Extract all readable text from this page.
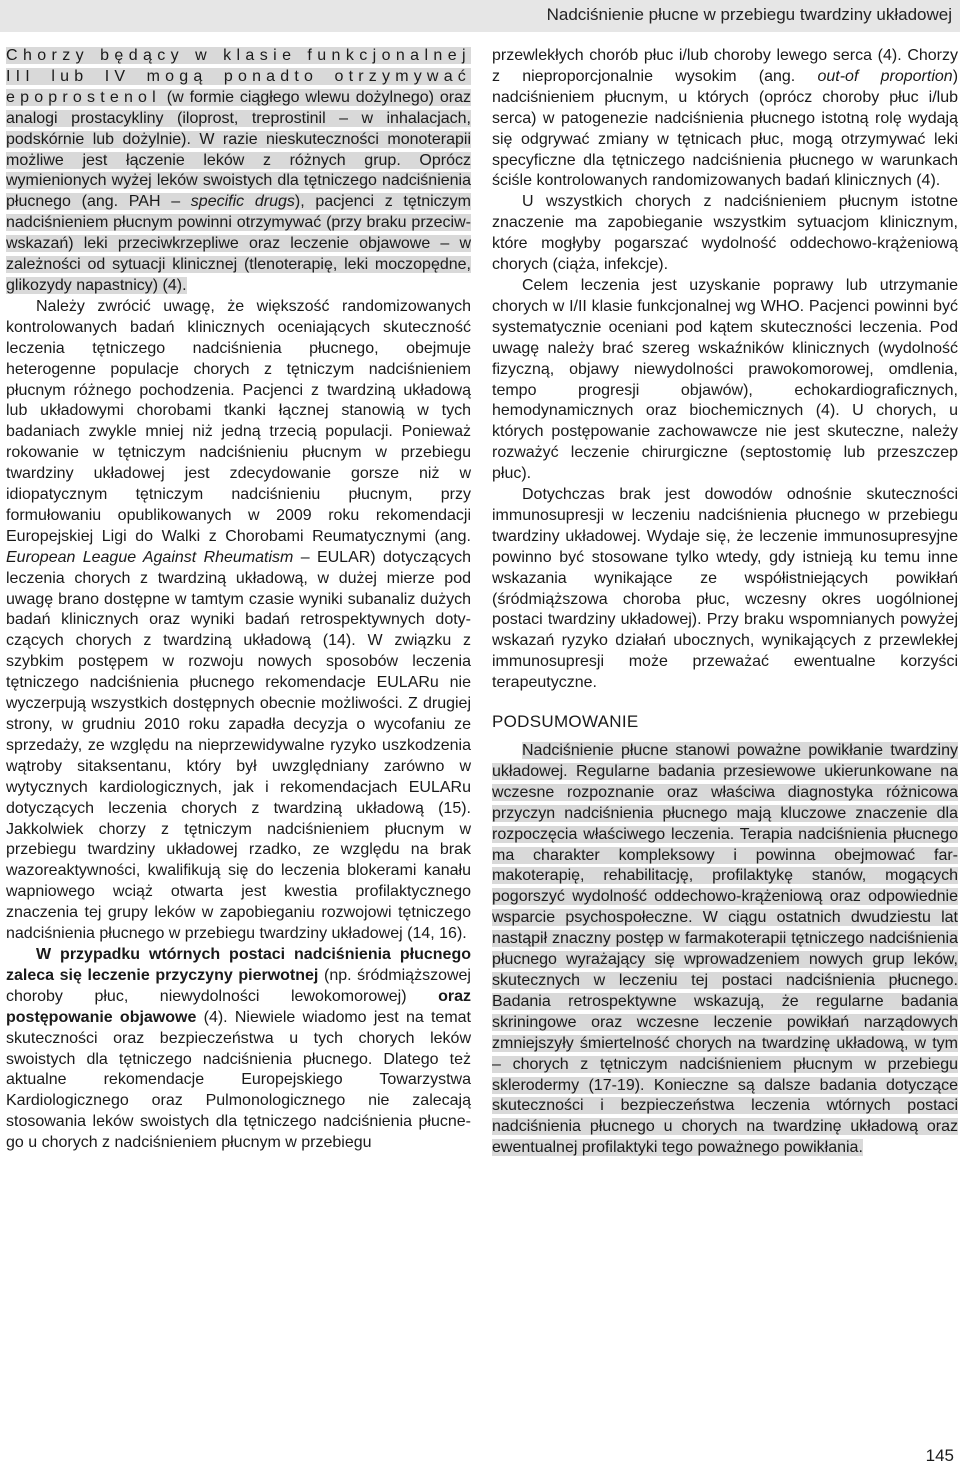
Nadciśnienie płucne w przebiegu twardziny układowej

Chorzy będący w klasie funkcjonalnej III lub IV mogą ponadto otrzymywać epoprostenol (w formie ciągłego wlewu dożylnego) oraz analogi prostacykliny (iloprost, treprostinil – w inhalacjach, podskórnie lub dożylnie). W razie nieskuteczności monoterapii możliwe jest łączenie leków z różnych grup. Oprócz wymienionych wyżej leków swoistych dla tętniczego nadciśnienia płucnego (ang. PAH – specific drugs), pacjenci z tętniczym nadciśnieniem płucnym powinni otrzymywać (przy braku przeciwwskazań) leki przeciwkrzepliwe oraz leczenie objawowe – w zależności od sytuacji klinicznej (tlenoterapię, leki moczopędne, glikozydy napastnicy) (4).

Należy zwrócić uwagę, że większość randomizowanych kontrolowanych badań klinicznych oceniających skuteczność leczenia tętniczego nadciśnienia płucnego, obejmuje heterogenne populacje chorych z tętniczym nadciśnieniem płucnym różnego pochodzenia. Pacjenci z twardziną układową lub układowymi chorobami tkanki łącznej stanowią w tych badaniach zwykle mniej niż jedną trzecią populacji. Ponieważ rokowanie w tętniczym nadciśnieniu płucnym w przebiegu twardziny układowej jest zdecydowanie gorsze niż w idiopatycznym tętniczym nadciśnieniu płucnym, przy formułowaniu opublikowanych w 2009 roku rekomendacji Europejskiej Ligi do Walki z Chorobami Reumatycznymi (ang. European League Against Rheumatism – EULAR) dotyczących leczenia chorych z twardziną układową, w dużej mierze pod uwagę brano dostępne w tamtym czasie wyniki subanaliz dużych badań klinicznych oraz wyniki badań retrospektywnych dotyczących chorych z twardziną układową (14). W związku z szybkim postępem w rozwoju nowych sposobów leczenia tętniczego nadciśnienia płucnego rekomendacje EULARu nie wyczerpują wszystkich dostępnych obecnie możliwości. Z drugiej strony, w grudniu 2010 roku zapadła decyzja o wycofaniu ze sprzedaży, ze względu na nieprzewidywalne ryzyko uszkodzenia wątroby sitaksentanu, który był uwzględniany zarówno w wytycznych kardiologicznych, jak i rekomendacjach EULARu dotyczących leczenia chorych z twardziną układową (15). Jakkolwiek chorzy z tętniczym nadciśnieniem płucnym w przebiegu twardziny układowej rzadko, ze względu na brak wazoreaktywności, kwalifikują się do leczenia blokerami kanału wapniowego wciąż otwarta jest kwestia profilaktycznego znaczenia tej grupy leków w zapobieganiu rozwojowi tętniczego nadciśnienia płucnego w przebiegu twardziny układowej (14, 16).

W przypadku wtórnych postaci nadciśnienia płucnego zaleca się leczenie przyczyny pierwotnej (np. śródmiąższowej choroby płuc, niewydolności lewokomorowej) oraz postępowanie objawowe (4). Niewiele wiadomo jest na temat skuteczności oraz bezpieczeństwa u tych chorych leków swoistych dla tętniczego nadciśnienia płucnego. Dlatego też aktualne rekomendacje Europejskiego Towarzystwa Kardiologicznego oraz Pulmonologicznego nie zalecają stosowania leków swoistych dla tętniczego nadciśnienia płucnego u chorych z nadciśnieniem płucnym w przebiegu

przewlekłych chorób płuc i/lub choroby lewego serca (4). Chorzy z nieproporcjonalnie wysokim (ang. out-of proportion) nadciśnieniem płucnym, u których (oprócz choroby płuc i/lub serca) w patogenezie nadciśnienia płucnego istotną rolę wydają się odgrywać zmiany w tętnicach płuc, mogą otrzymywać leki specyficzne dla tętniczego nadciśnienia płucnego w warunkach ściśle kontrolowanych randomizowanych badań klinicznych (4).

U wszystkich chorych z nadciśnieniem płucnym istotne znaczenie ma zapobieganie wszystkim sytuacjom klinicznym, które mogłyby pogarszać wydolność oddechowo-krążeniową chorych (ciąża, infekcje).

Celem leczenia jest uzyskanie poprawy lub utrzymanie chorych w I/II klasie funkcjonalnej wg WHO. Pacjenci powinni być systematycznie oceniani pod kątem skuteczności leczenia. Pod uwagę należy brać szereg wskaźników klinicznych (wydolność fizyczną, objawy niewydolności prawokomorowej, omdlenia, tempo progresji objawów), echokardiograficznych, hemodynamicznych oraz biochemicznych (4). U chorych, u których postępowanie zachowawcze nie jest skuteczne, należy rozważyć leczenie chirurgiczne (septostomię lub przeszczep płuc).

Dotychczas brak jest dowodów odnośnie skuteczności immunosupresji w leczeniu nadciśnienia płucnego w przebiegu twardziny układowej. Wydaje się, że leczenie immunosupresyjne powinno być stosowane tylko wtedy, gdy istnieją ku temu inne wskazania wynikające ze współistniejących powikłań (śródmiąższowa choroba płuc, wczesny okres uogólnionej postaci twardziny układowej). Przy braku wspomnianych powyżej wskazań ryzyko działań ubocznych, wynikających z przewlekłej immunosupresji może przeważać ewentualne korzyści terapeutyczne.

PODSUMOWANIE

Nadciśnienie płucne stanowi poważne powikłanie twardziny układowej. Regularne badania przesiewowe ukierunkowane na wczesne rozpoznanie oraz właściwa diagnostyka różnicowa przyczyn nadciśnienia płucnego mają kluczowe znaczenie dla rozpoczęcia właściwego leczenia. Terapia nadciśnienia płucnego ma charakter kompleksowy i powinna obejmować farmakoterapię, rehabilitację, profilaktykę stanów, mogących pogorszyć wydolność oddechowo-krążeniową oraz odpowiednie wsparcie psychospołeczne. W ciągu ostatnich dwudziestu lat nastąpił znaczny postęp w farmakoterapii tętniczego nadciśnienia płucnego wyrażający się wprowadzeniem nowych grup leków, skutecznych w leczeniu tej postaci nadciśnienia płucnego. Badania retrospektywne wskazują, że regularne badania skriningowe oraz wczesne leczenie powikłań narządowych zmniejszyły śmiertelność chorych na twardzinę układową, w tym – chorych z tętniczym nadciśnieniem płucnym w przebiegu sklerodermy (17-19). Konieczne są dalsze badania dotyczące skuteczności i bezpieczeństwa leczenia wtórnych postaci nadciśnienia płucnego u chorych na twardzinę układową oraz ewentualnej profilaktyki tego poważnego powikłania.

145
